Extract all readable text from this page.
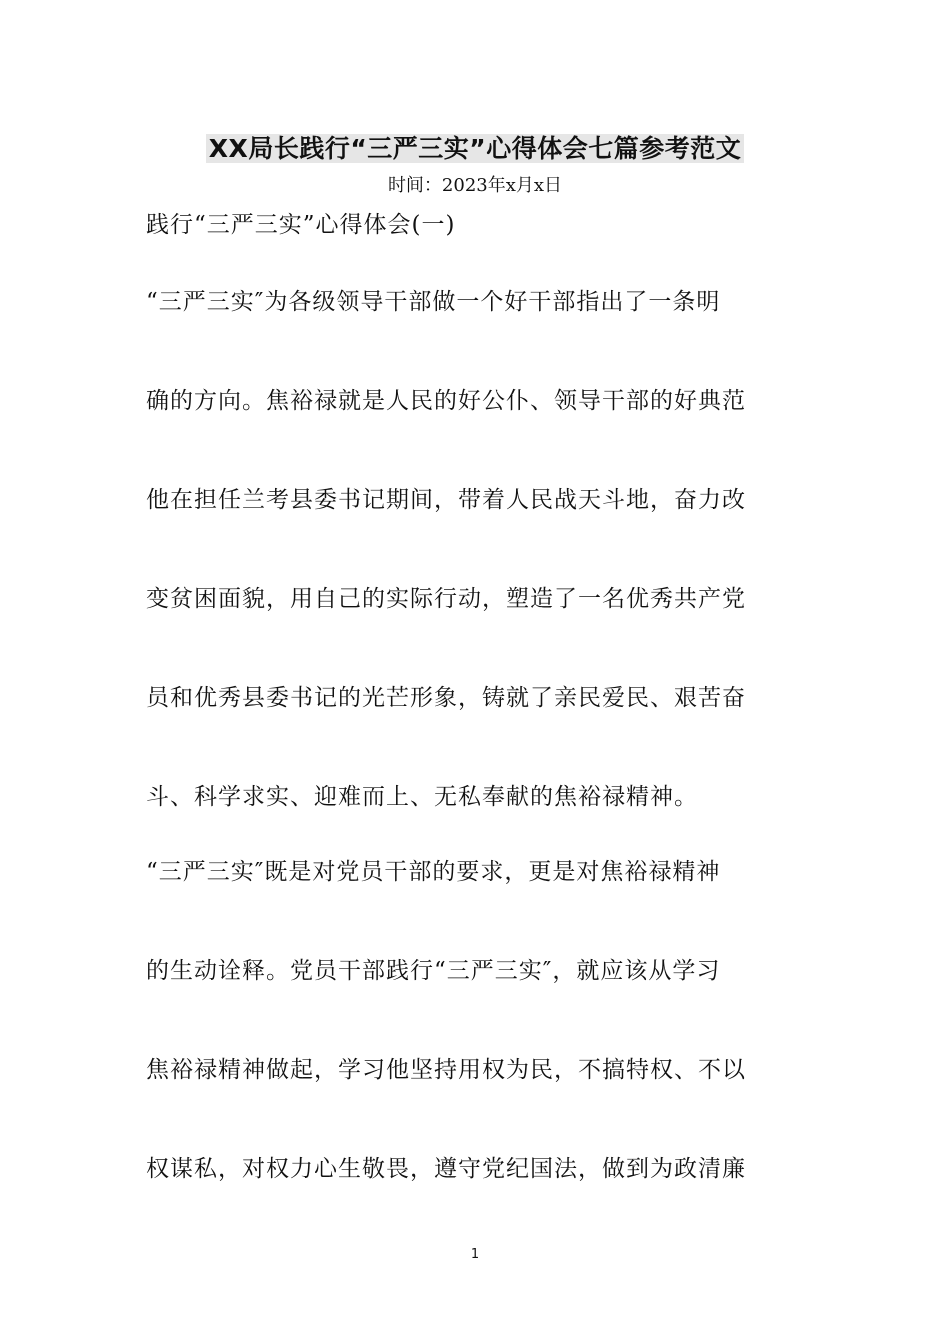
XX局长践行“三严三实”心得体会七篇参考范文
时间：2023年x月x日
践行“三严三实”心得体会(一)
“三严三实″为各级领导干部做一个好干部指出了一条明
确的方向。焦裕禄就是人民的好公仆、领导干部的好典范
他在担任兰考县委书记期间，带着人民战天斗地，奋力改
变贫困面貌，用自己的实际行动，塑造了一名优秀共产党
员和优秀县委书记的光芒形象，铸就了亲民爱民、艰苦奋
斗、科学求实、迎难而上、无私奉献的焦裕禄精神。
“三严三实″既是对党员干部的要求，更是对焦裕禄精神
的生动诠释。党员干部践行“三严三实″，就应该从学习
焦裕禄精神做起，学习他坚持用权为民，不搞特权、不以
权谋私，对权力心生敬畏，遵守党纪国法，做到为政清廉
1
